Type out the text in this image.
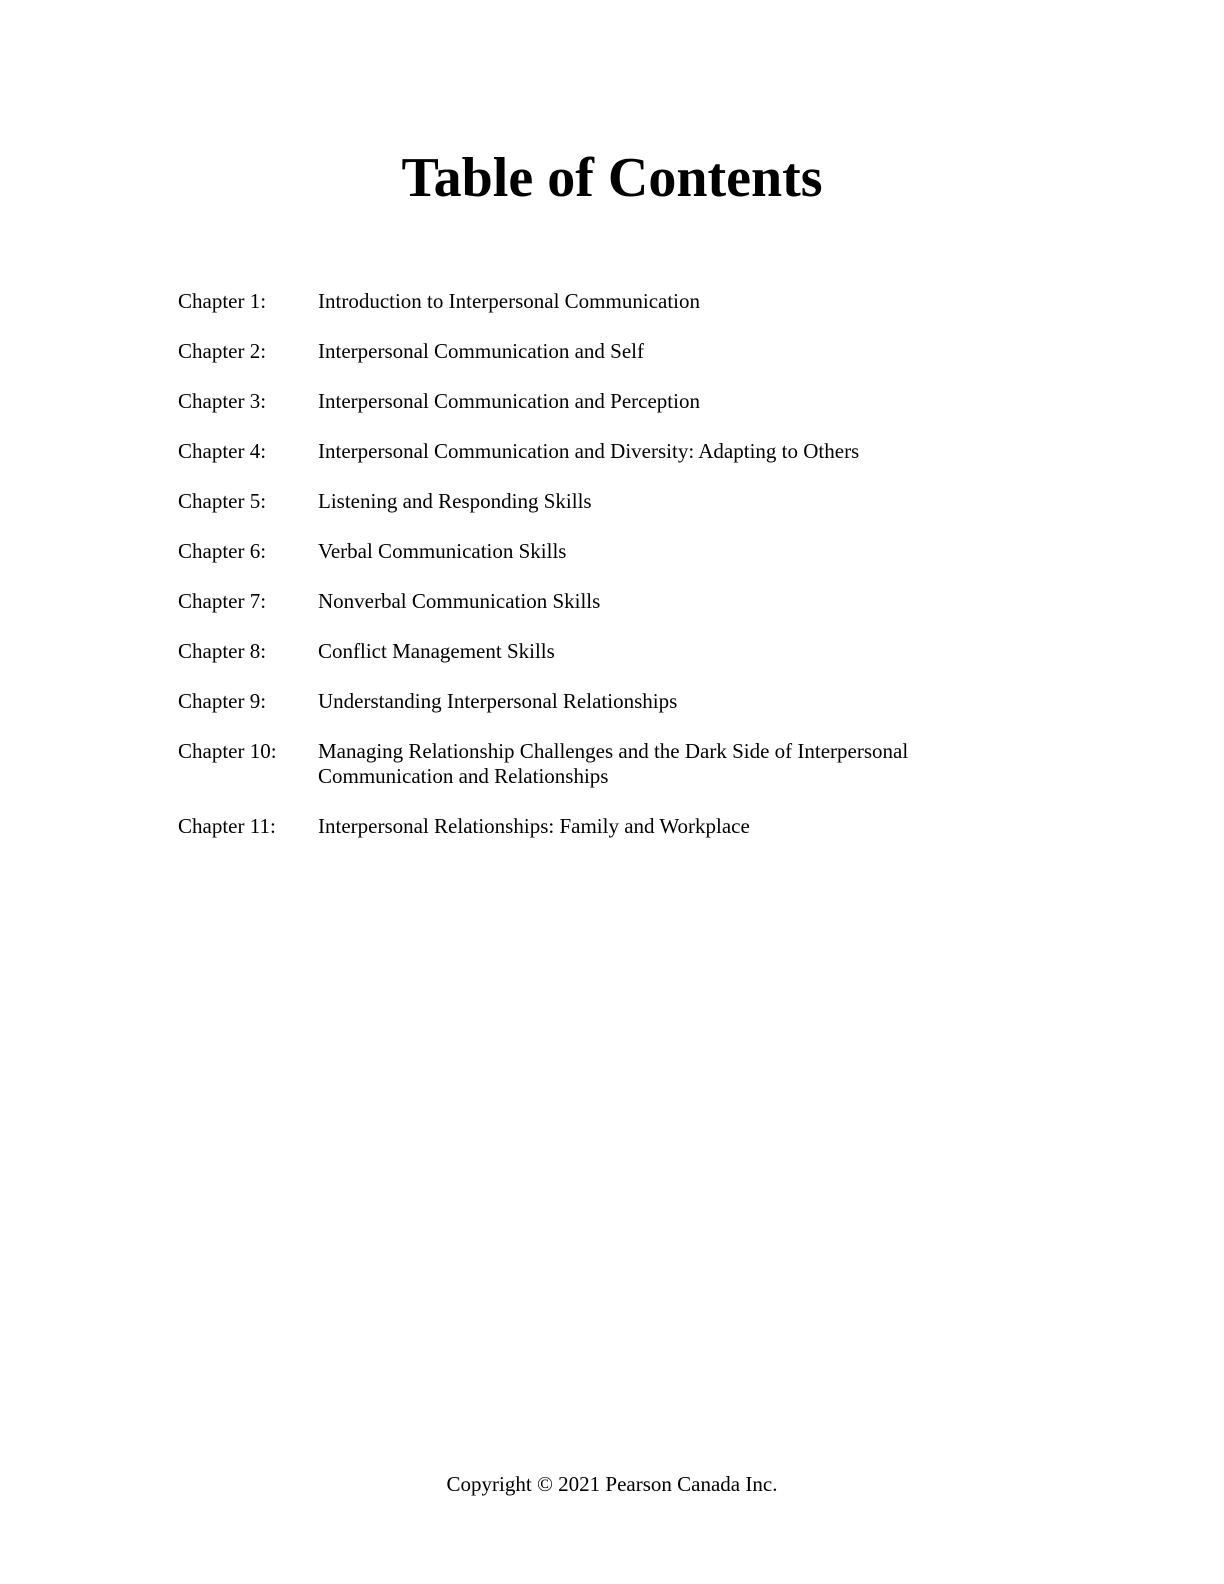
Table of Contents
Chapter 1:	Introduction to Interpersonal Communication
Chapter 2:	Interpersonal Communication and Self
Chapter 3:	Interpersonal Communication and Perception
Chapter 4:	Interpersonal Communication and Diversity: Adapting to Others
Chapter 5:	Listening and Responding Skills
Chapter 6:	Verbal Communication Skills
Chapter 7:	Nonverbal Communication Skills
Chapter 8:	Conflict Management Skills
Chapter 9:	Understanding Interpersonal Relationships
Chapter 10:	Managing Relationship Challenges and the Dark Side of Interpersonal Communication and Relationships
Chapter 11:	Interpersonal Relationships: Family and Workplace
Copyright © 2021 Pearson Canada Inc.
